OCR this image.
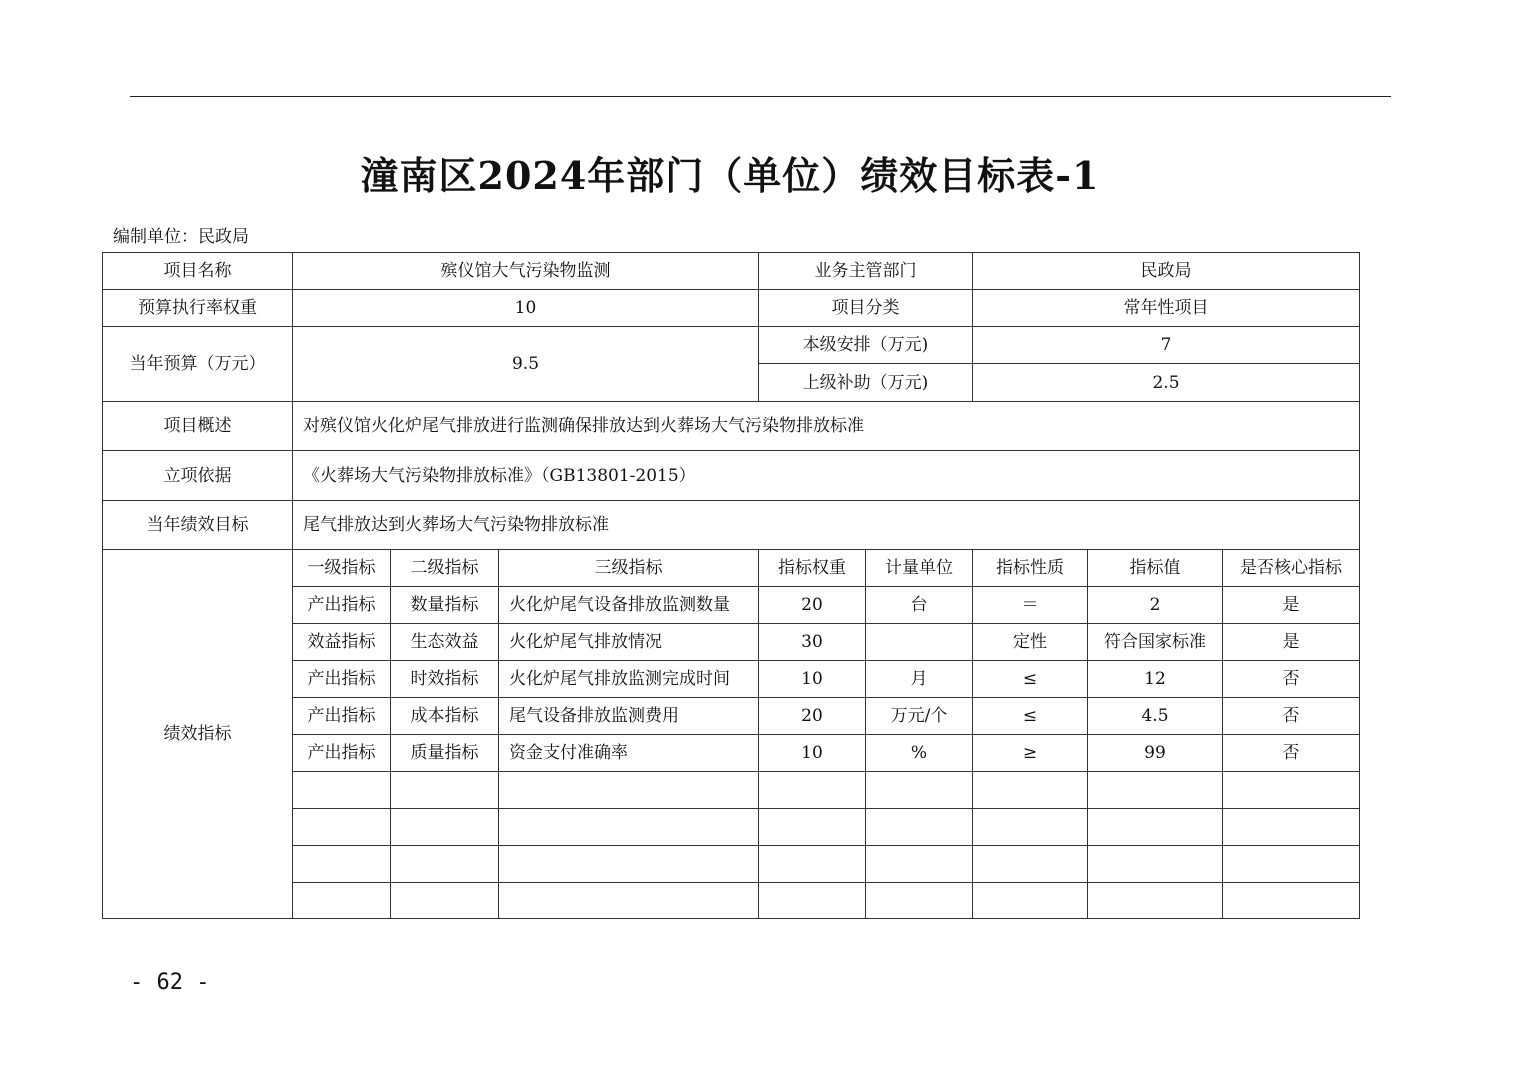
潼南区2024年部门（单位）绩效目标表-1
编制单位：民政局
项目名称	殡仪馆大气污染物监测			业务主管部门		民政局		
预算执行率权重	10			项目分类		常年性项目		
当年预算（万元）	9.5			本级安排（万元)		7		
				上级补助（万元)		2.5		
项目概述	对殡仪馆火化炉尾气排放进行监测确保排放达到火葬场大气污染物排放标准							
立项依据	《火葬场大气污染物排放标准》（GB13801-2015）							
当年绩效目标	尾气排放达到火葬场大气污染物排放标准							
绩效指标	一级指标	二级指标	三级指标	指标权重	计量单位	指标性质	指标值	是否核心指标
	产出指标	数量指标	火化炉尾气设备排放监测数量	20	台	＝	2	是
	效益指标	生态效益	火化炉尾气排放情况	30		定性	符合国家标准	是
	产出指标	时效指标	火化炉尾气排放监测完成时间	10	月	≤	12	否
	产出指标	成本指标	尾气设备排放监测费用	20	万元/个	≤	4.5	否
	产出指标	质量指标	资金支付准确率	10	%	≥	99	否

- 62 -
